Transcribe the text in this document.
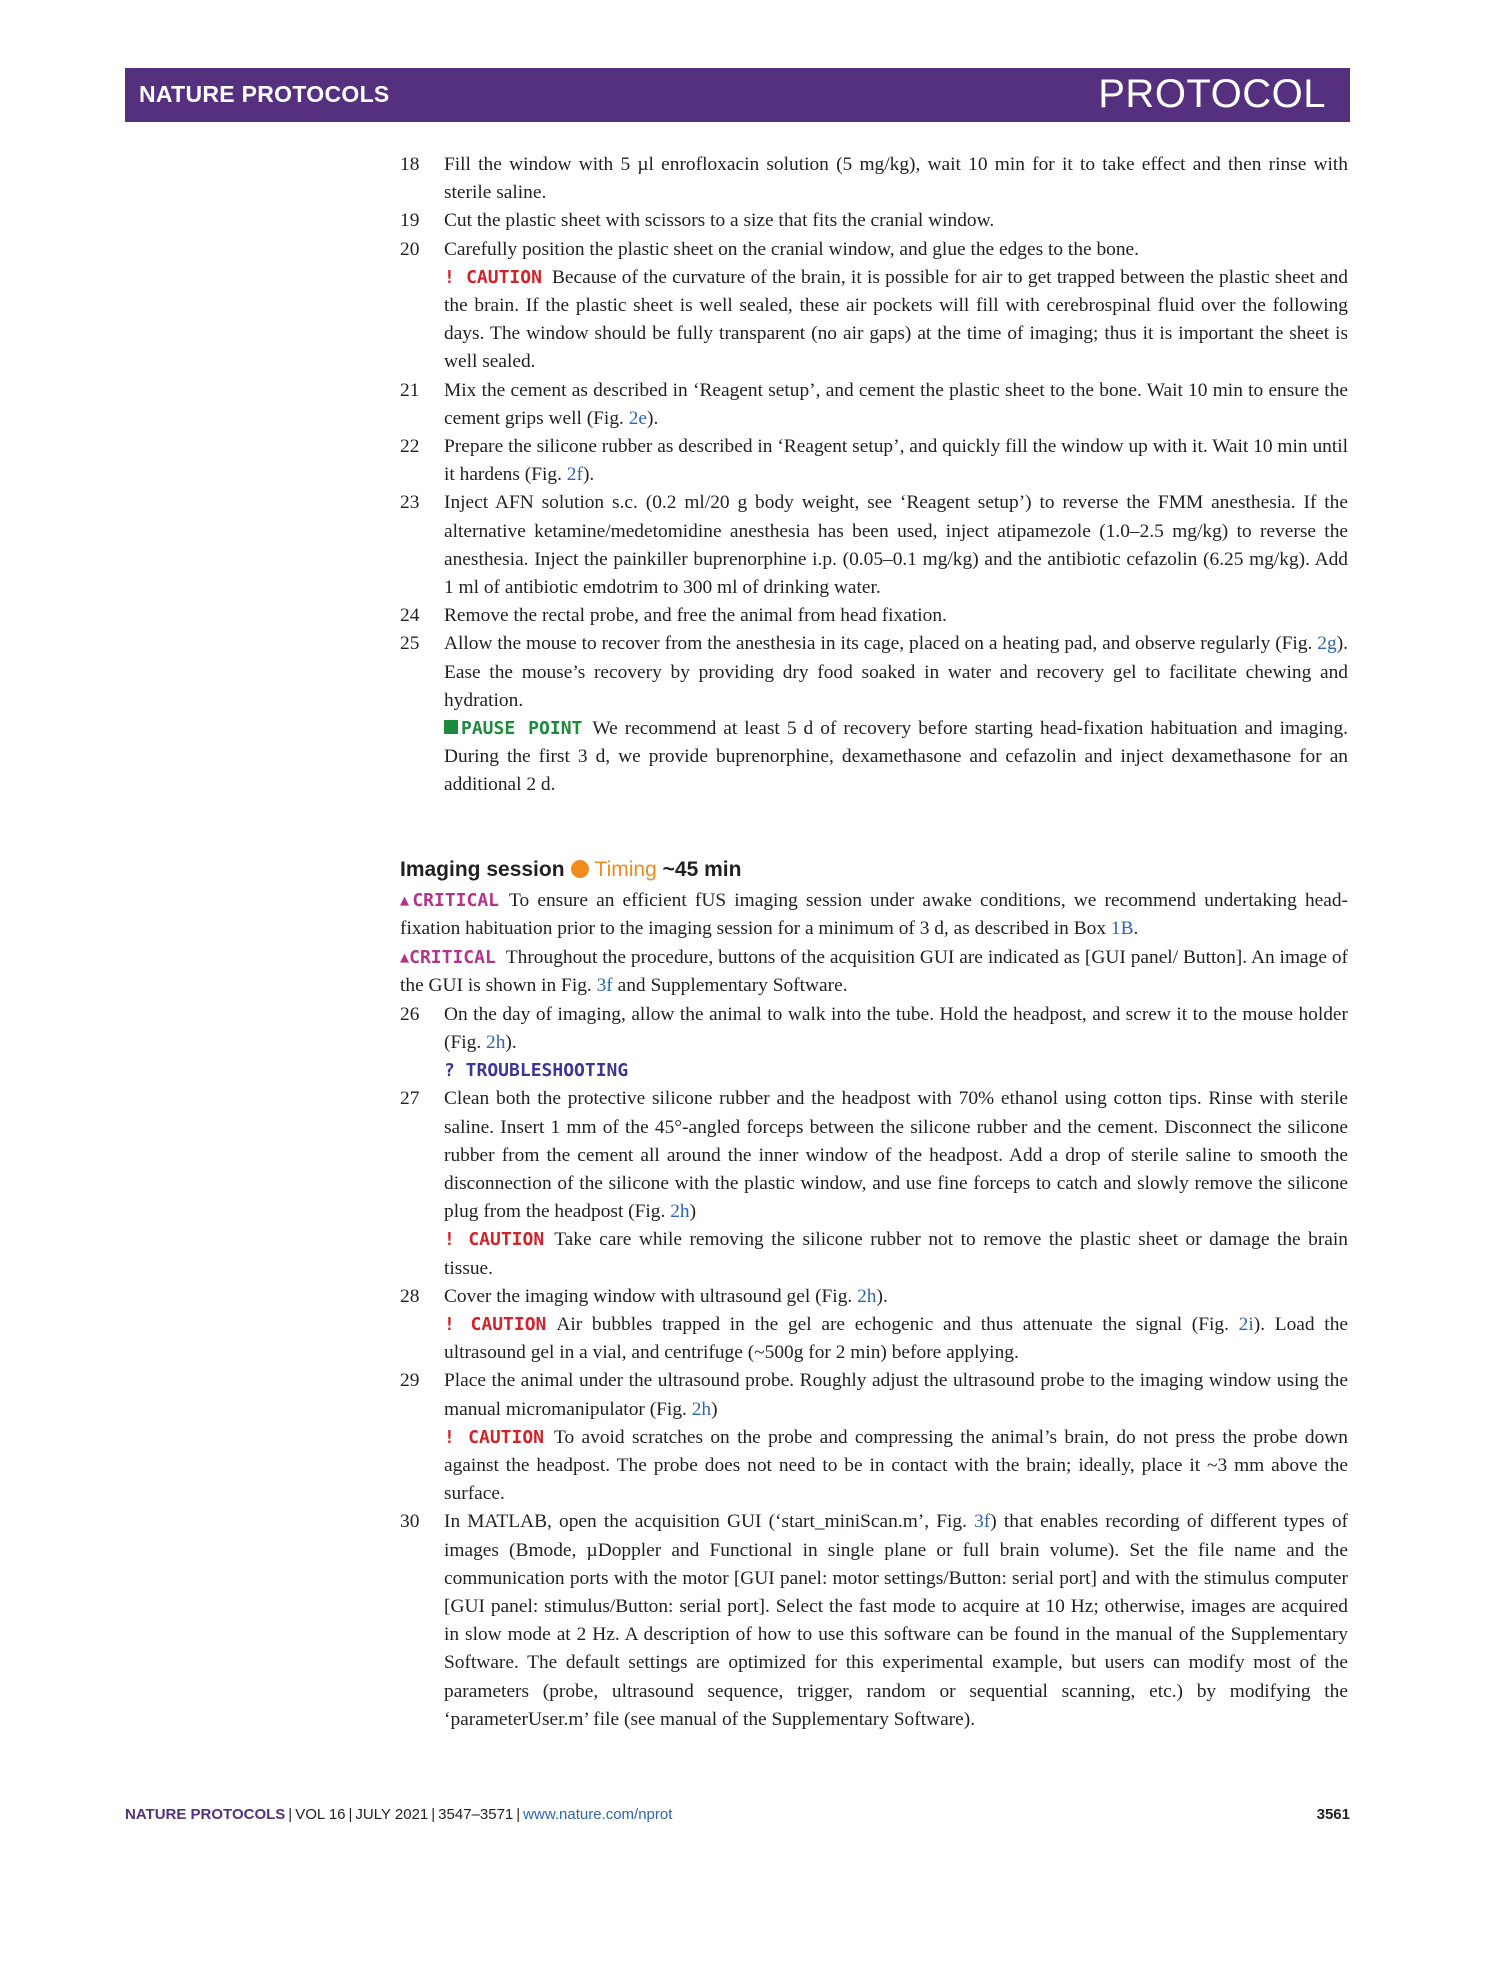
NATURE PROTOCOLS	PROTOCOL
18 Fill the window with 5 µl enrofloxacin solution (5 mg/kg), wait 10 min for it to take effect and then rinse with sterile saline.
19 Cut the plastic sheet with scissors to a size that fits the cranial window.
20 Carefully position the plastic sheet on the cranial window, and glue the edges to the bone.
! CAUTION Because of the curvature of the brain, it is possible for air to get trapped between the plastic sheet and the brain. If the plastic sheet is well sealed, these air pockets will fill with cerebrospinal fluid over the following days. The window should be fully transparent (no air gaps) at the time of imaging; thus it is important the sheet is well sealed.
21 Mix the cement as described in ‘Reagent setup’, and cement the plastic sheet to the bone. Wait 10 min to ensure the cement grips well (Fig. 2e).
22 Prepare the silicone rubber as described in ‘Reagent setup’, and quickly fill the window up with it. Wait 10 min until it hardens (Fig. 2f).
23 Inject AFN solution s.c. (0.2 ml/20 g body weight, see ‘Reagent setup’) to reverse the FMM anesthesia. If the alternative ketamine/medetomidine anesthesia has been used, inject atipamezole (1.0–2.5 mg/kg) to reverse the anesthesia. Inject the painkiller buprenorphine i.p. (0.05–0.1 mg/kg) and the antibiotic cefazolin (6.25 mg/kg). Add 1 ml of antibiotic emdotrim to 300 ml of drinking water.
24 Remove the rectal probe, and free the animal from head fixation.
25 Allow the mouse to recover from the anesthesia in its cage, placed on a heating pad, and observe regularly (Fig. 2g). Ease the mouse’s recovery by providing dry food soaked in water and recovery gel to facilitate chewing and hydration.
PAUSE POINT We recommend at least 5 d of recovery before starting head-fixation habituation and imaging. During the first 3 d, we provide buprenorphine, dexamethasone and cefazolin and inject dexamethasone for an additional 2 d.
Imaging session Timing ~45 min
▲CRITICAL To ensure an efficient fUS imaging session under awake conditions, we recommend undertaking head-fixation habituation prior to the imaging session for a minimum of 3 d, as described in Box 1B.
▲CRITICAL Throughout the procedure, buttons of the acquisition GUI are indicated as [GUI panel/ Button]. An image of the GUI is shown in Fig. 3f and Supplementary Software.
26 On the day of imaging, allow the animal to walk into the tube. Hold the headpost, and screw it to the mouse holder (Fig. 2h).
? TROUBLESHOOTING
27 Clean both the protective silicone rubber and the headpost with 70% ethanol using cotton tips. Rinse with sterile saline. Insert 1 mm of the 45°-angled forceps between the silicone rubber and the cement. Disconnect the silicone rubber from the cement all around the inner window of the headpost. Add a drop of sterile saline to smooth the disconnection of the silicone with the plastic window, and use fine forceps to catch and slowly remove the silicone plug from the headpost (Fig. 2h)
! CAUTION Take care while removing the silicone rubber not to remove the plastic sheet or damage the brain tissue.
28 Cover the imaging window with ultrasound gel (Fig. 2h).
! CAUTION Air bubbles trapped in the gel are echogenic and thus attenuate the signal (Fig. 2i). Load the ultrasound gel in a vial, and centrifuge (~500g for 2 min) before applying.
29 Place the animal under the ultrasound probe. Roughly adjust the ultrasound probe to the imaging window using the manual micromanipulator (Fig. 2h)
! CAUTION To avoid scratches on the probe and compressing the animal’s brain, do not press the probe down against the headpost. The probe does not need to be in contact with the brain; ideally, place it ~3 mm above the surface.
30 In MATLAB, open the acquisition GUI (‘start_miniScan.m’, Fig. 3f) that enables recording of different types of images (Bmode, µDoppler and Functional in single plane or full brain volume). Set the file name and the communication ports with the motor [GUI panel: motor settings/Button: serial port] and with the stimulus computer [GUI panel: stimulus/Button: serial port]. Select the fast mode to acquire at 10 Hz; otherwise, images are acquired in slow mode at 2 Hz. A description of how to use this software can be found in the manual of the Supplementary Software. The default settings are optimized for this experimental example, but users can modify most of the parameters (probe, ultrasound sequence, trigger, random or sequential scanning, etc.) by modifying the ‘parameterUser.m’ file (see manual of the Supplementary Software).
NATURE PROTOCOLS | VOL 16 | JULY 2021 | 3547–3571 | www.nature.com/nprot	3561
